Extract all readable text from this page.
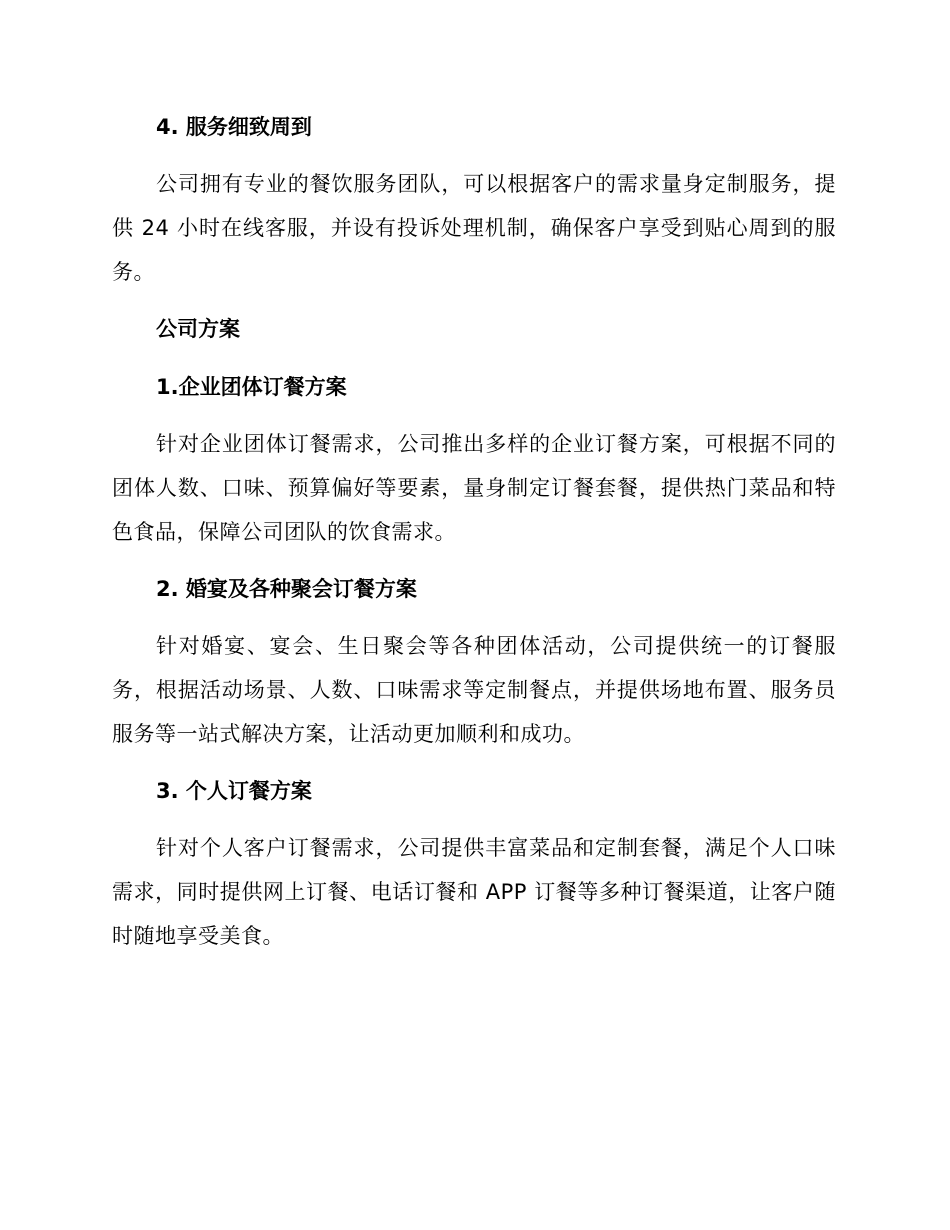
4. 服务细致周到

公司拥有专业的餐饮服务团队，可以根据客户的需求量身定制服务，提供 24 小时在线客服，并设有投诉处理机制，确保客户享受到贴心周到的服务。

公司方案
1.企业团体订餐方案

针对企业团体订餐需求，公司推出多样的企业订餐方案，可根据不同的团体人数、口味、预算偏好等要素，量身制定订餐套餐，提供热门菜品和特色食品，保障公司团队的饮食需求。

2. 婚宴及各种聚会订餐方案

针对婚宴、宴会、生日聚会等各种团体活动，公司提供统一的订餐服务，根据活动场景、人数、口味需求等定制餐点，并提供场地布置、服务员服务等一站式解决方案，让活动更加顺利和成功。

3. 个人订餐方案

针对个人客户订餐需求，公司提供丰富菜品和定制套餐，满足个人口味需求，同时提供网上订餐、电话订餐和 APP 订餐等多种订餐渠道，让客户随时随地享受美食。
